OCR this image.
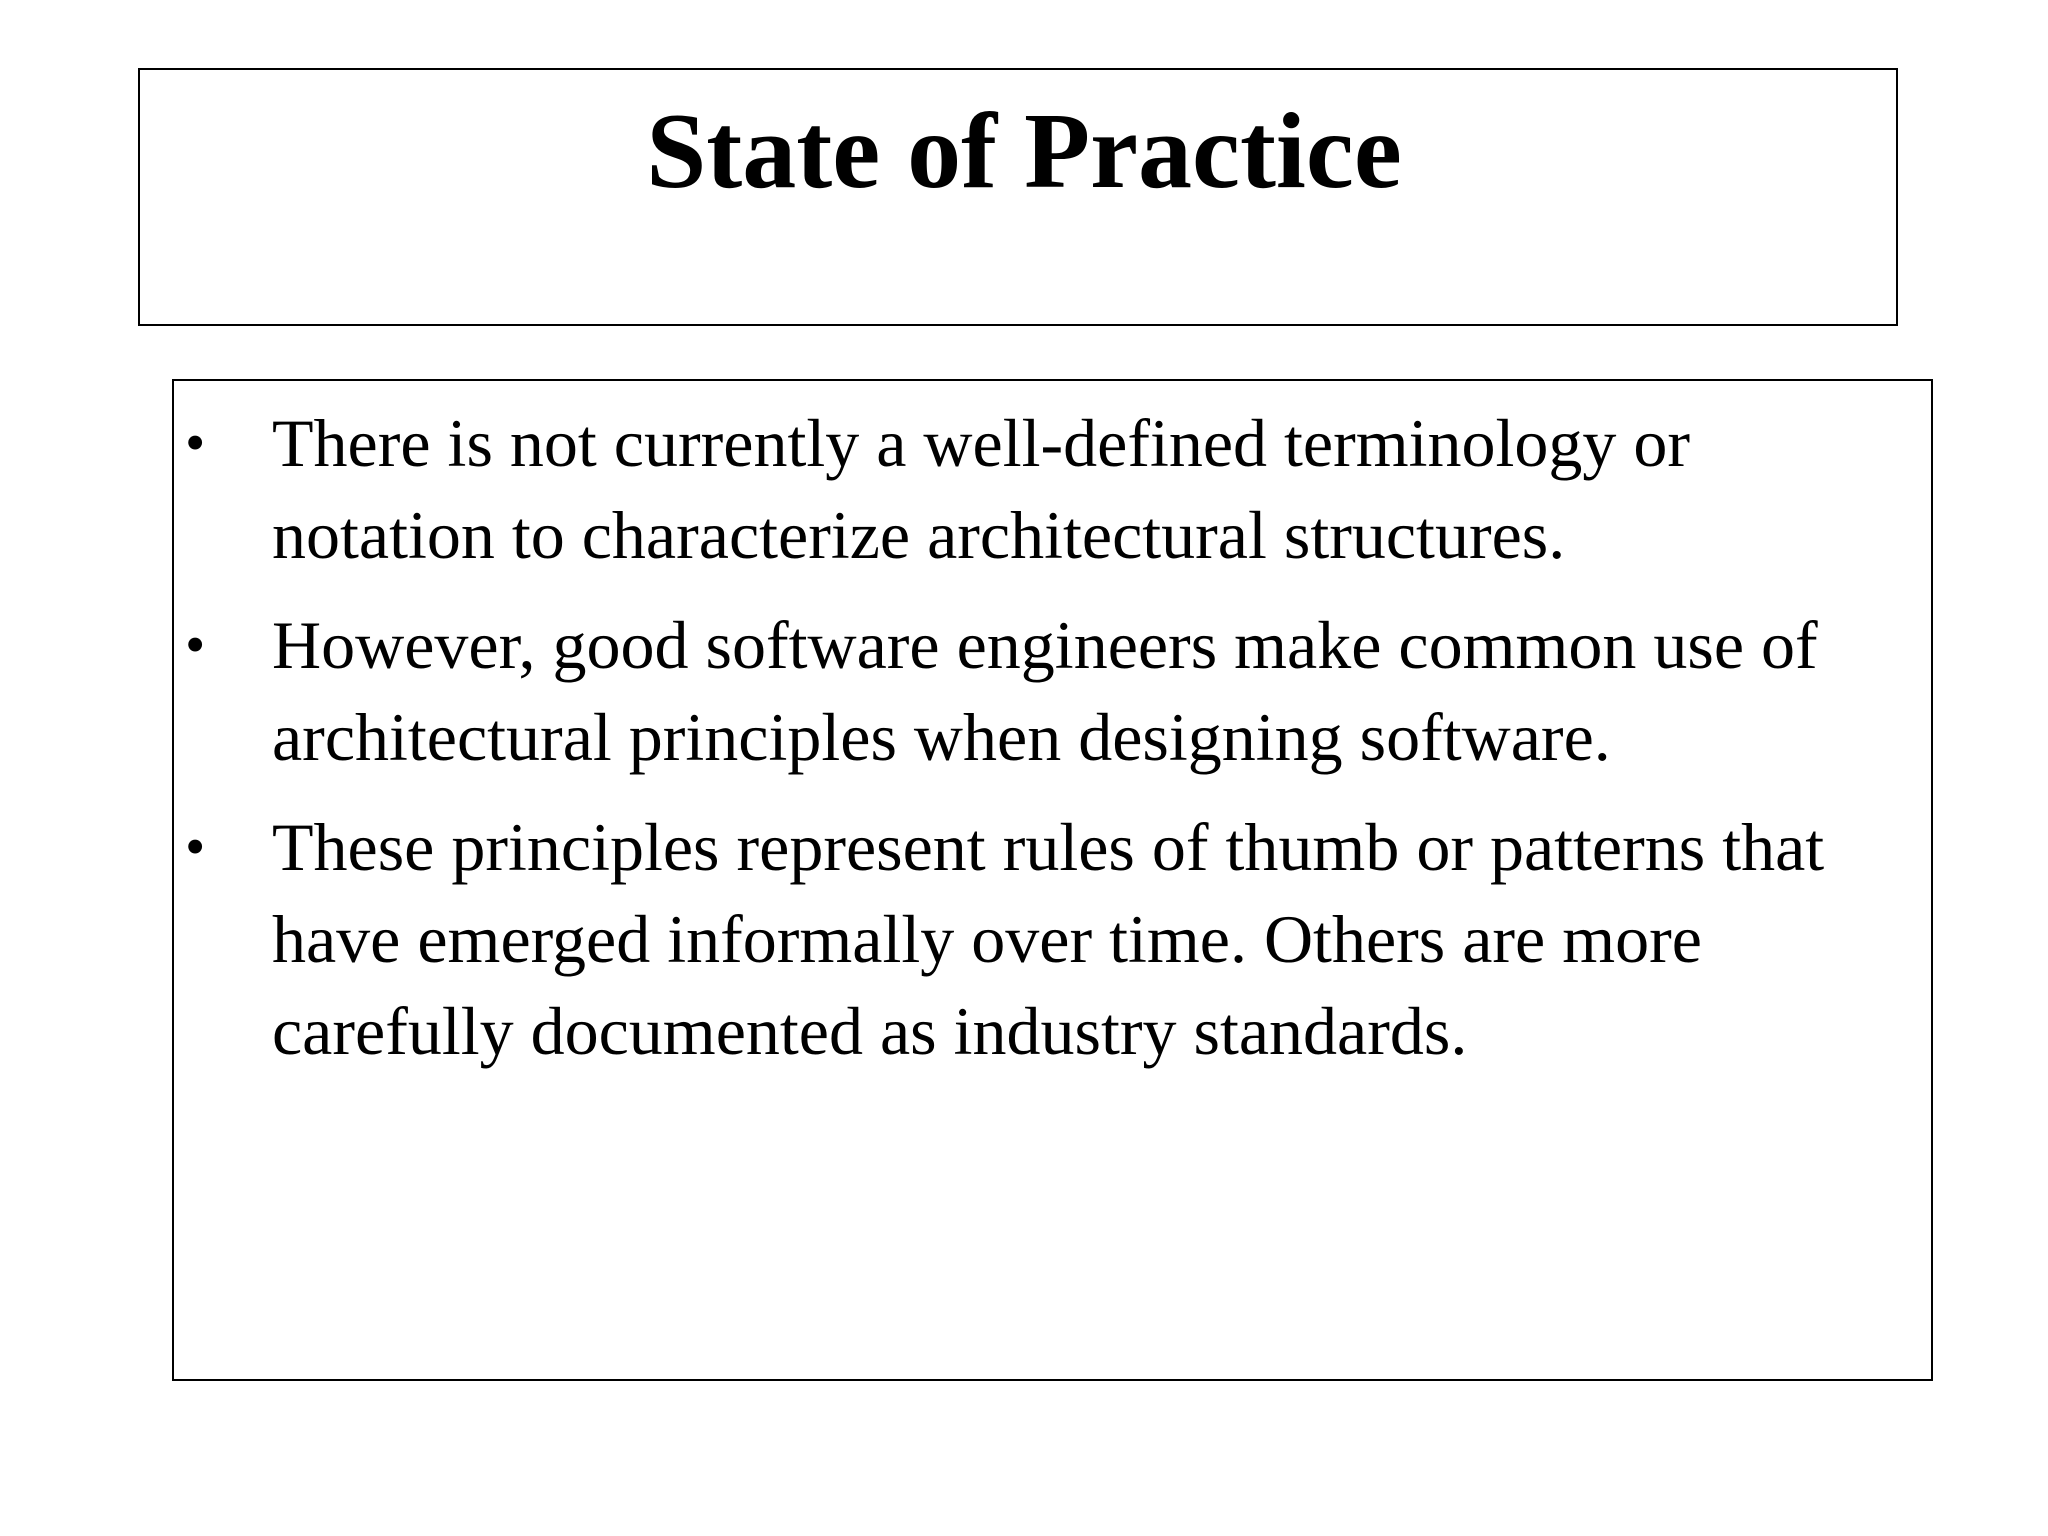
State of Practice
• There is not currently a well-defined terminology or notation to characterize architectural structures.
• However, good software engineers make common use of architectural principles when designing software.
• These principles represent rules of thumb or patterns that have emerged informally over time. Others are more carefully documented as industry standards.
